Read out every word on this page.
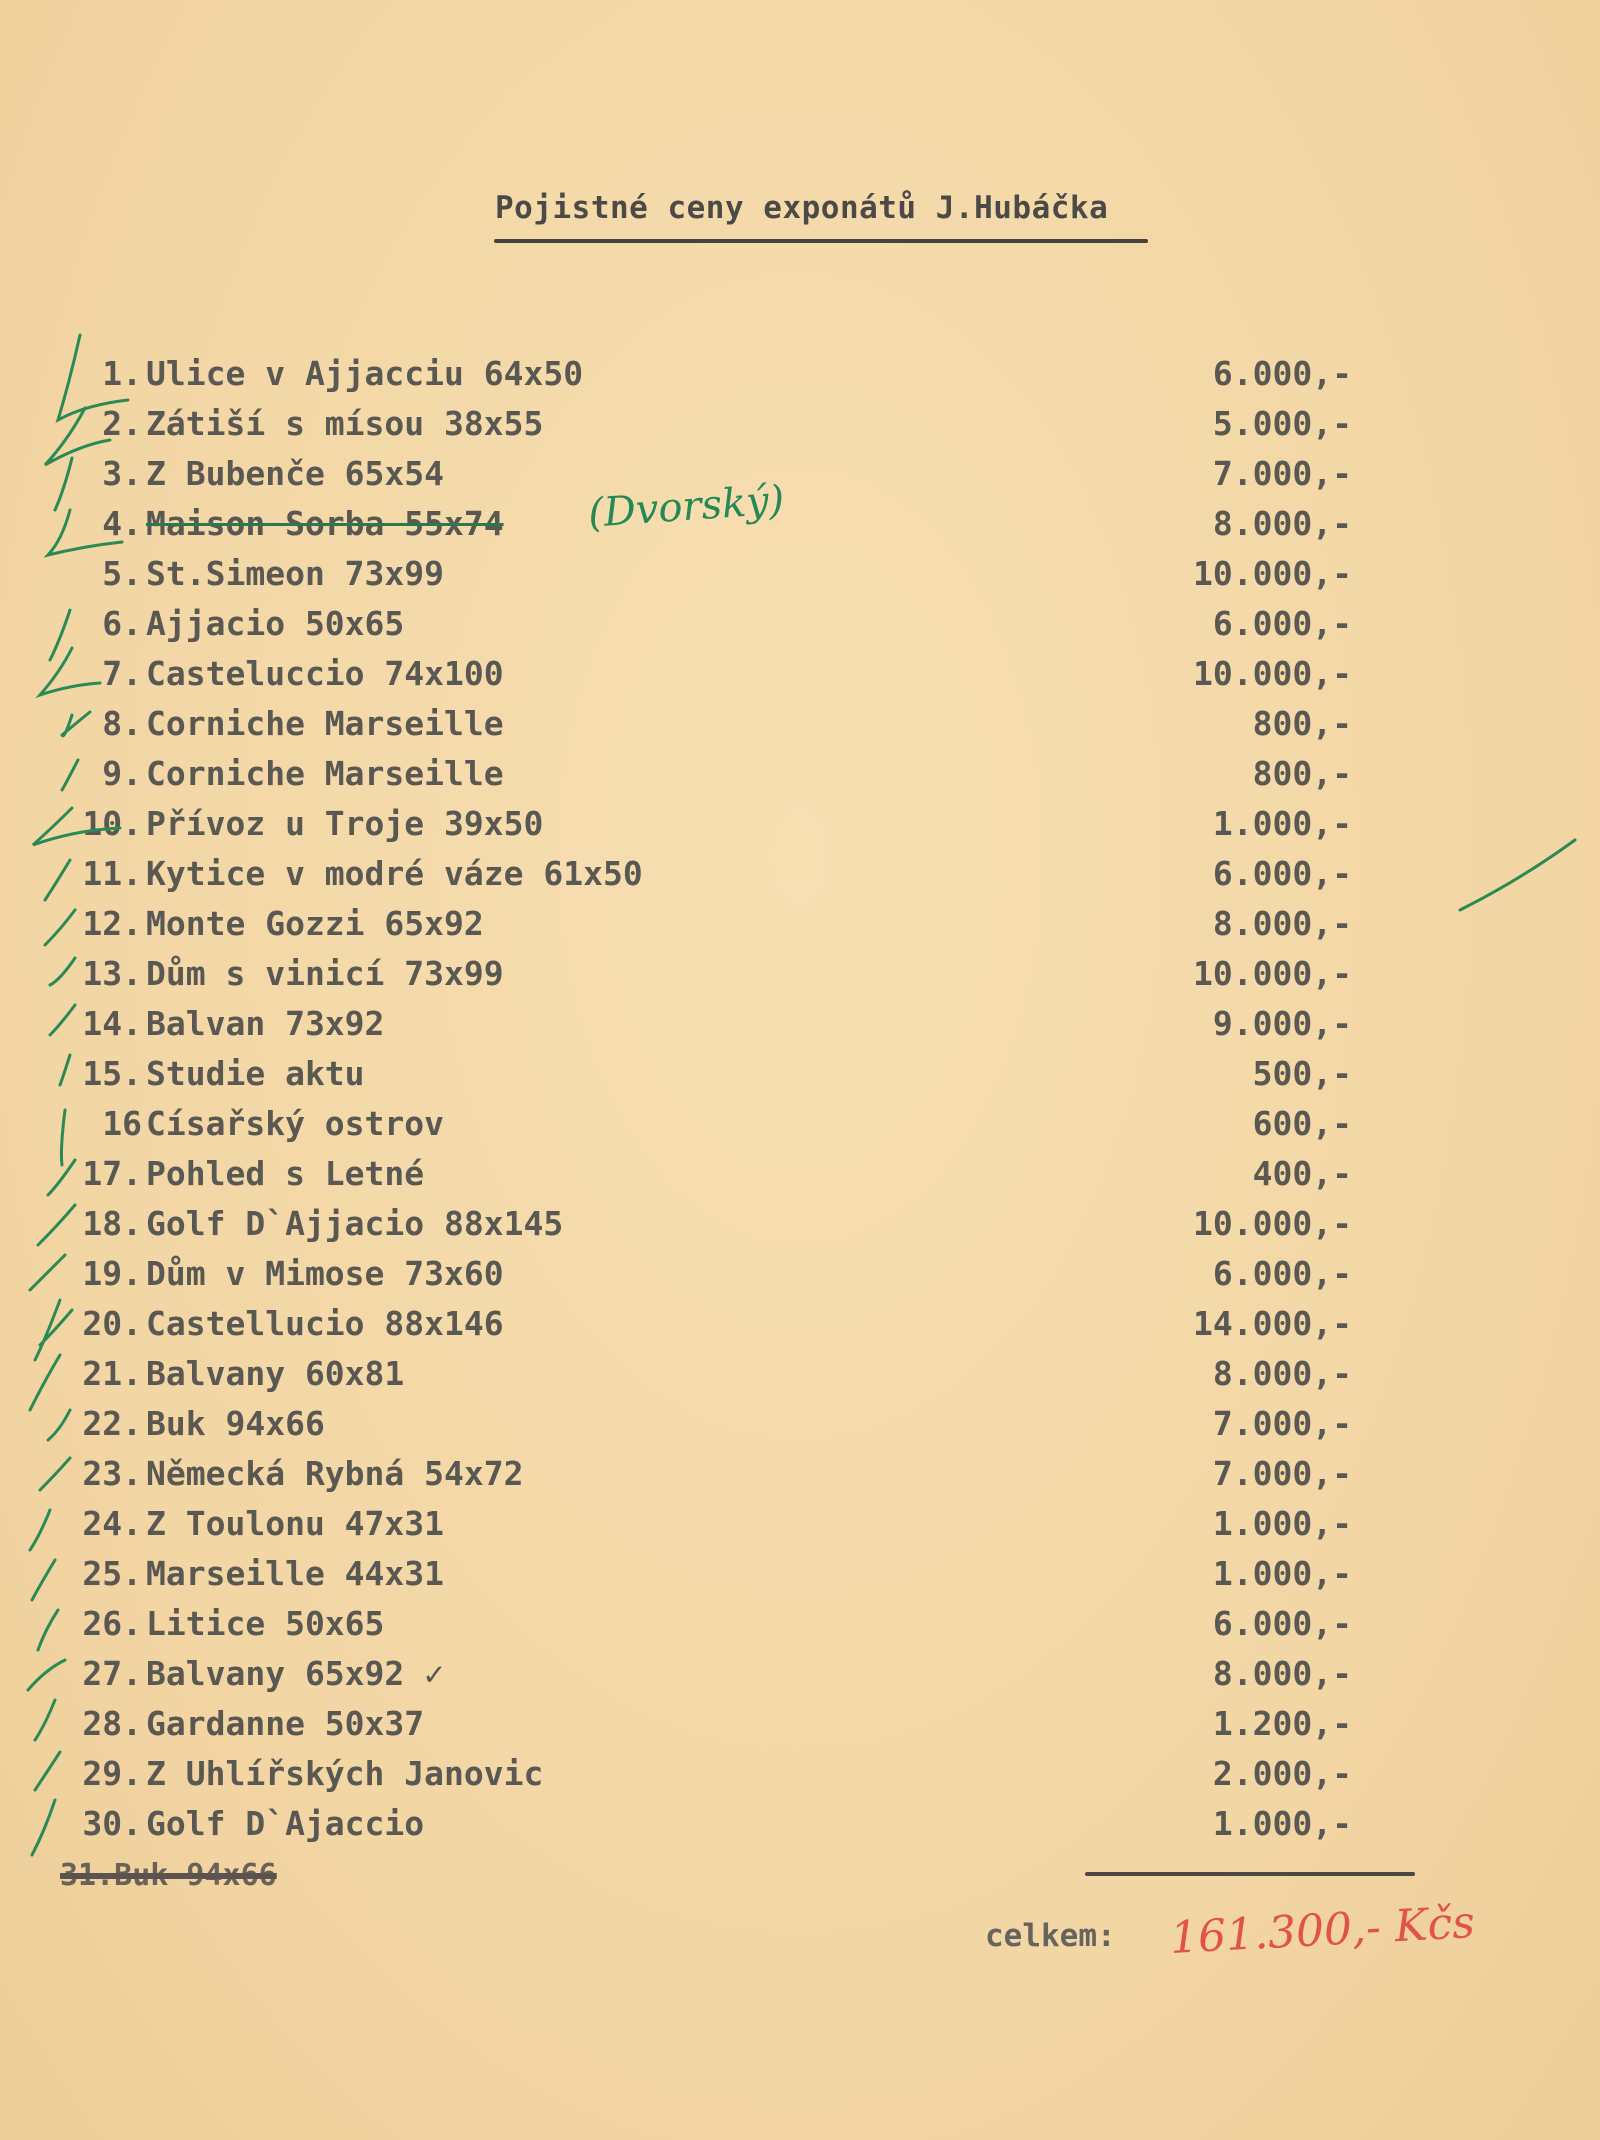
Pojistné ceny exponátů J.Hubáčka
1. Ulice v Ajjacciu 64x50	6.000,-
2. Zátiší s mísou 38x55	5.000,-
3. Z Bubenče 65x54	7.000,-
4. Maison Sorba 55x74	8.000,-
5. St.Simeon 73x99	10.000,-
6. Ajjacio 50x65	6.000,-
7. Casteluccio 74x100	10.000,-
8. Corniche Marseille	800,-
9. Corniche Marseille	800,-
10. Přívoz u Troje 39x50	1.000,-
11. Kytice v modré váze 61x50	6.000,-
12. Monte Gozzi 65x92	8.000,-
13. Dům s vinicí 73x99	10.000,-
14. Balvan 73x92	9.000,-
15. Studie aktu	500,-
16 Císařský ostrov	600,-
17. Pohled s Letné	400,-
18. Golf D`Ajjacio 88x145	10.000,-
19. Dům v Mimose 73x60	6.000,-
20. Castellucio 88x146	14.000,-
21. Balvany 60x81	8.000,-
22. Buk 94x66	7.000,-
23. Německá Rybná 54x72	7.000,-
24. Z Toulonu 47x31	1.000,-
25. Marseille 44x31	1.000,-
26. Litice 50x65	6.000,-
27. Balvany 65x92 ✓	8.000,-
28. Gardanne 50x37	1.200,-
29. Z Uhlířských Janovic	2.000,-
30. Golf D`Ajaccio	1.000,-
(Dvorský)
31.Buk 94x66
celkem: 161.300,- Kčs
